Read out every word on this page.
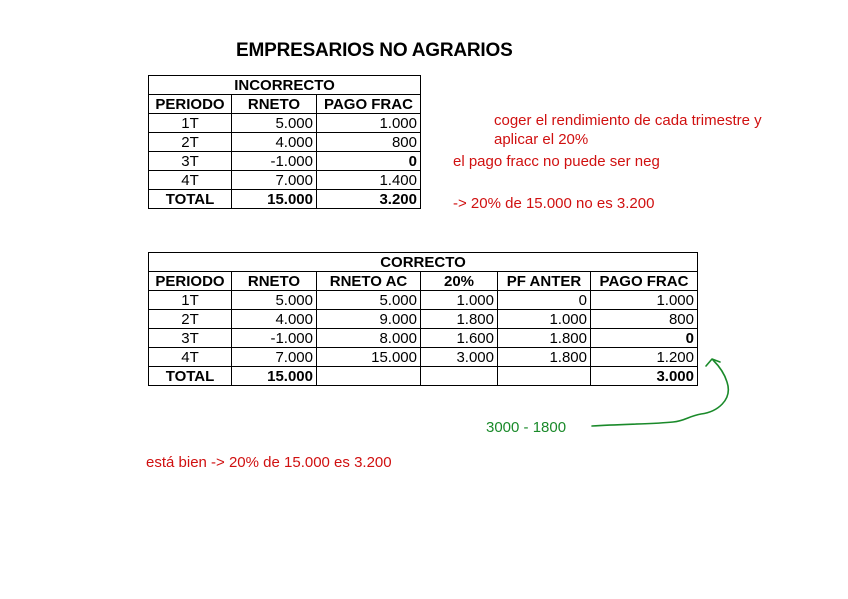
EMPRESARIOS NO AGRARIOS
INCORRECTO		
PERIODO	RNETO	PAGO FRAC
1T	5.000	1.000
2T	4.000	800
3T	-1.000	0
4T	7.000	1.400
TOTAL	15.000	3.200
CORRECTO					
PERIODO	RNETO	RNETO AC	20%	PF ANTER	PAGO FRAC
1T	5.000	5.000	1.000	0	1.000
2T	4.000	9.000	1.800	1.000	800
3T	-1.000	8.000	1.600	1.800	0
4T	7.000	15.000	3.000	1.800	1.200
TOTAL	15.000				3.000
coger el rendimiento de cada trimestre y
aplicar el 20%
el pago fracc no puede ser neg
-> 20% de 15.000 no es 3.200
está bien -> 20% de 15.000 es 3.200
3000 - 1800
